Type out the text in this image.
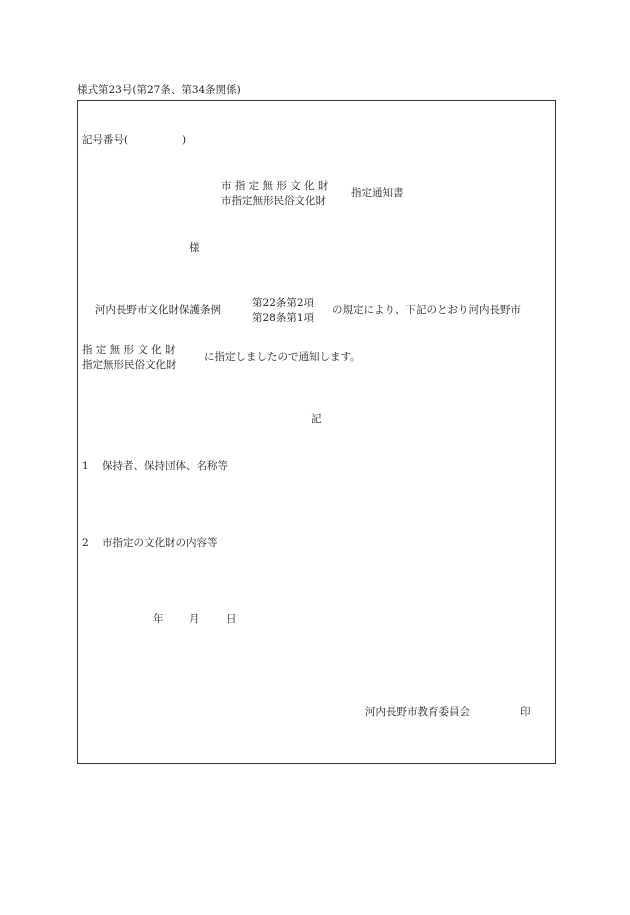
様式第23号(第27条、第34条関係)
記号番号(	)
市 指 定 無 形 文 化 財
市指定無形民俗文化財
指定通知書
様
河内長野市文化財保護条例
第22条第2項
第28条第1項
の規定により、下記のとおり河内長野市
指 定 無 形 文 化 財
指定無形民俗文化財
に指定しましたので通知します。
記
1 保持者、保持団体、名称等
2 市指定の文化財の内容等
年 月	日
河内長野市教育委員会	印
